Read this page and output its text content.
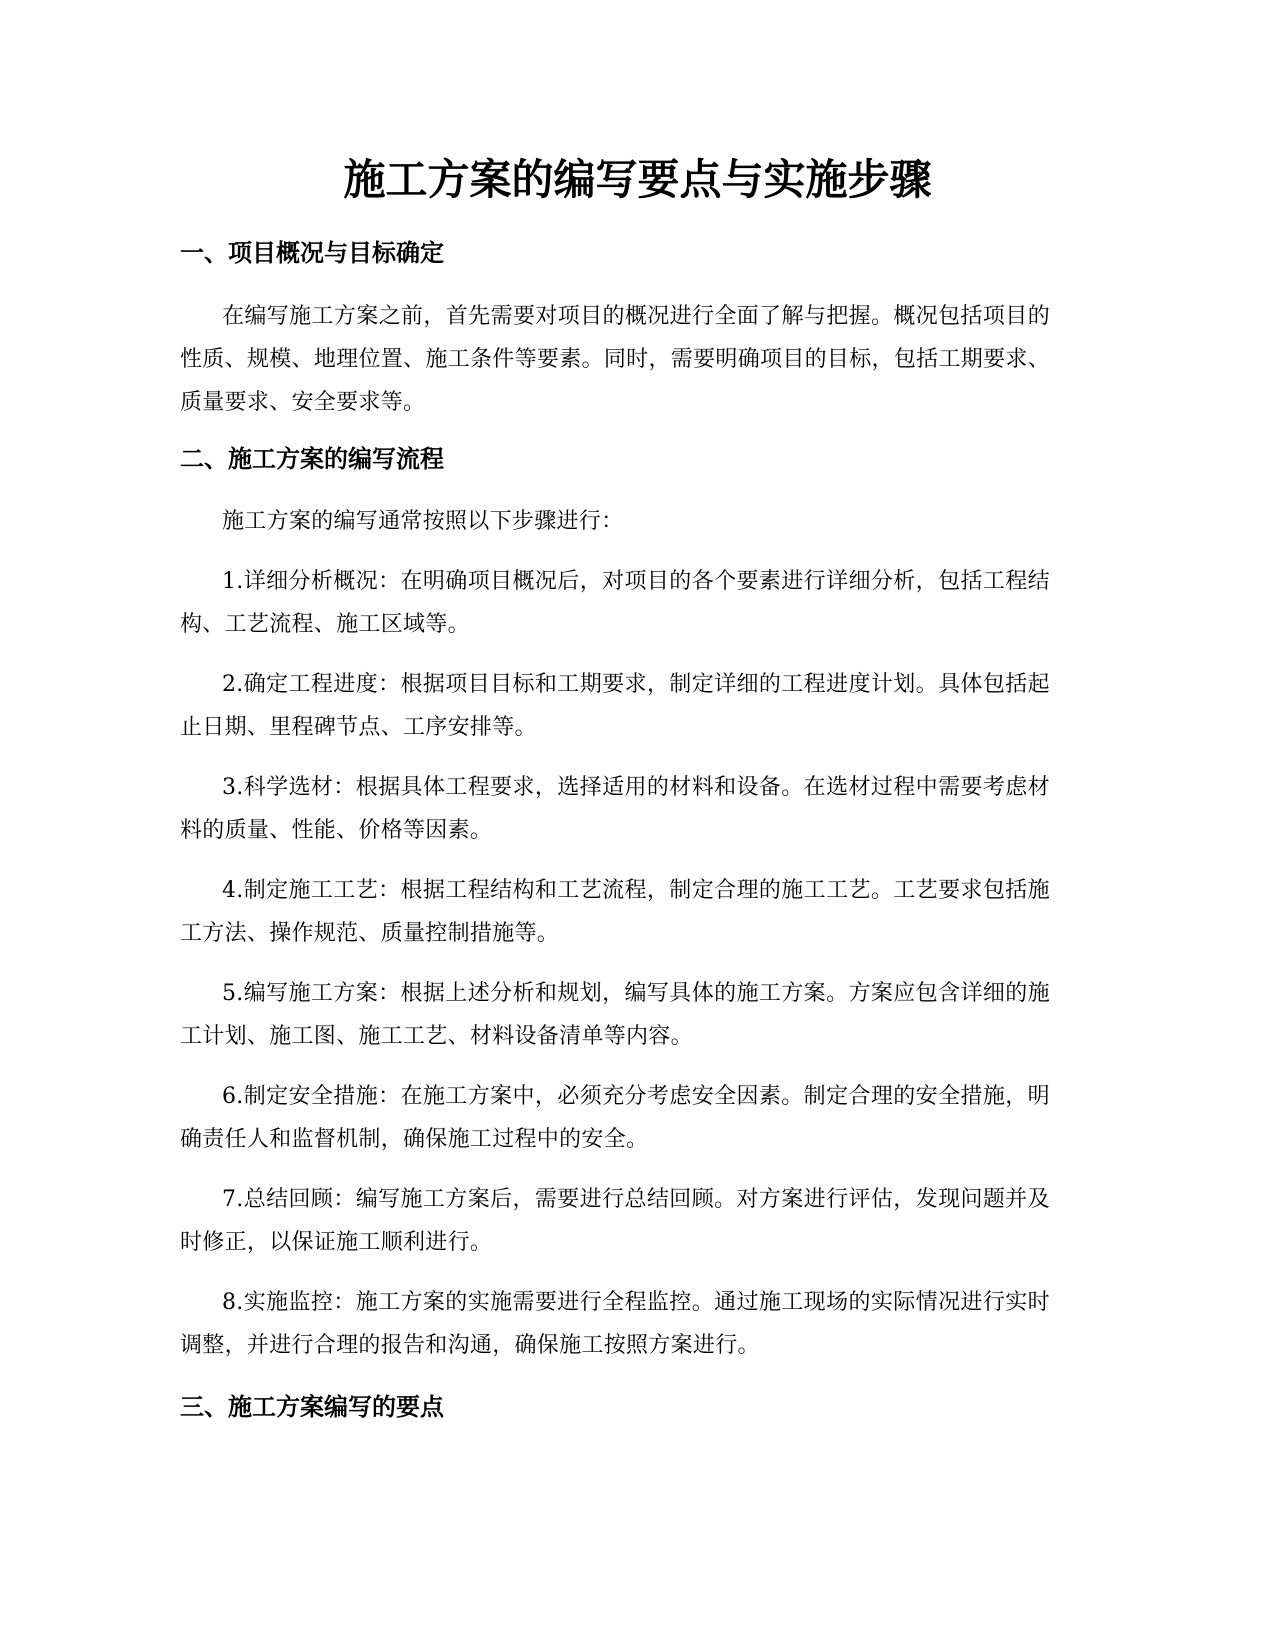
施工方案的编写要点与实施步骤
一、项目概况与目标确定

在编写施工方案之前，首先需要对项目的概况进行全面了解与把握。概况包括项目的性质、规模、地理位置、施工条件等要素。同时，需要明确项目的目标，包括工期要求、质量要求、安全要求等。

二、施工方案的编写流程

施工方案的编写通常按照以下步骤进行：

1.详细分析概况：在明确项目概况后，对项目的各个要素进行详细分析，包括工程结构、工艺流程、施工区域等。

2.确定工程进度：根据项目目标和工期要求，制定详细的工程进度计划。具体包括起止日期、里程碑节点、工序安排等。

3.科学选材：根据具体工程要求，选择适用的材料和设备。在选材过程中需要考虑材料的质量、性能、价格等因素。

4.制定施工工艺：根据工程结构和工艺流程，制定合理的施工工艺。工艺要求包括施工方法、操作规范、质量控制措施等。

5.编写施工方案：根据上述分析和规划，编写具体的施工方案。方案应包含详细的施工计划、施工图、施工工艺、材料设备清单等内容。

6.制定安全措施：在施工方案中，必须充分考虑安全因素。制定合理的安全措施，明确责任人和监督机制，确保施工过程中的安全。

7.总结回顾：编写施工方案后，需要进行总结回顾。对方案进行评估，发现问题并及时修正，以保证施工顺利进行。

8.实施监控：施工方案的实施需要进行全程监控。通过施工现场的实际情况进行实时调整，并进行合理的报告和沟通，确保施工按照方案进行。

三、施工方案编写的要点
